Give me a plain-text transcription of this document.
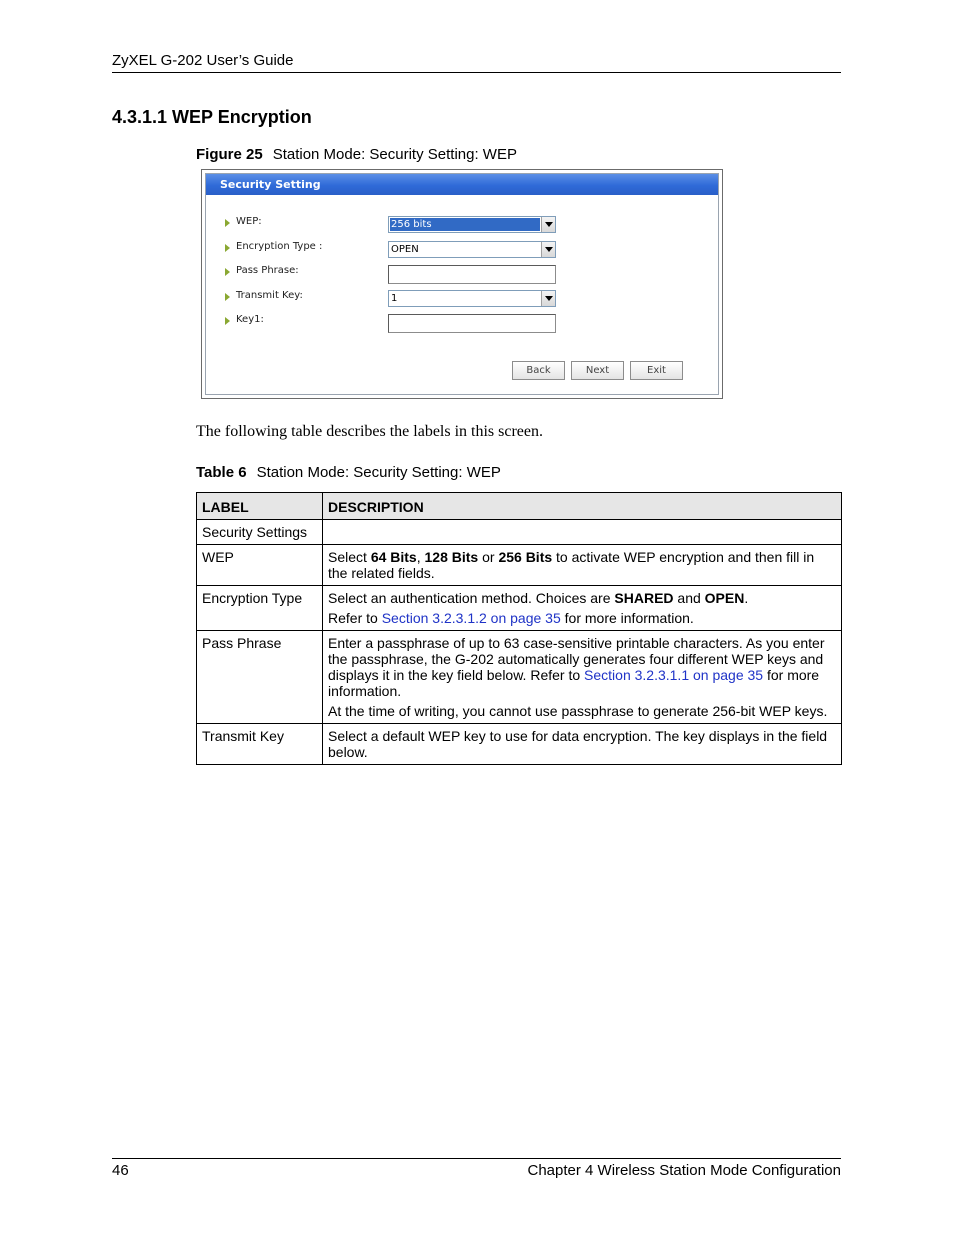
ZyXEL G-202 User’s Guide
4.3.1.1 WEP Encryption
Figure 25 Station Mode: Security Setting: WEP
Security Setting
WEP:	256 bits
Encryption Type :	OPEN
Pass Phrase:
Transmit Key:	1
Key1:
Back	Next	Exit
The following table describes the labels in this screen.
Table 6 Station Mode: Security Setting: WEP
LABEL	DESCRIPTION
Security Settings	
WEP	Select 64 Bits, 128 Bits or 256 Bits to activate WEP encryption and then fill in the related fields.
Encryption Type	Select an authentication method. Choices are SHARED and OPEN.

Refer to Section 3.2.3.1.2 on page 35 for more information.

Pass Phrase	Enter a passphrase of up to 63 case-sensitive printable characters. As you enter the passphrase, the G-202 automatically generates four different WEP keys and displays it in the key field below. Refer to Section 3.2.3.1.1 on page 35 for more information.

At the time of writing, you cannot use passphrase to generate 256-bit WEP keys.

Transmit Key	Select a default WEP key to use for data encryption. The key displays in the field below.
46	Chapter 4 Wireless Station Mode Configuration
